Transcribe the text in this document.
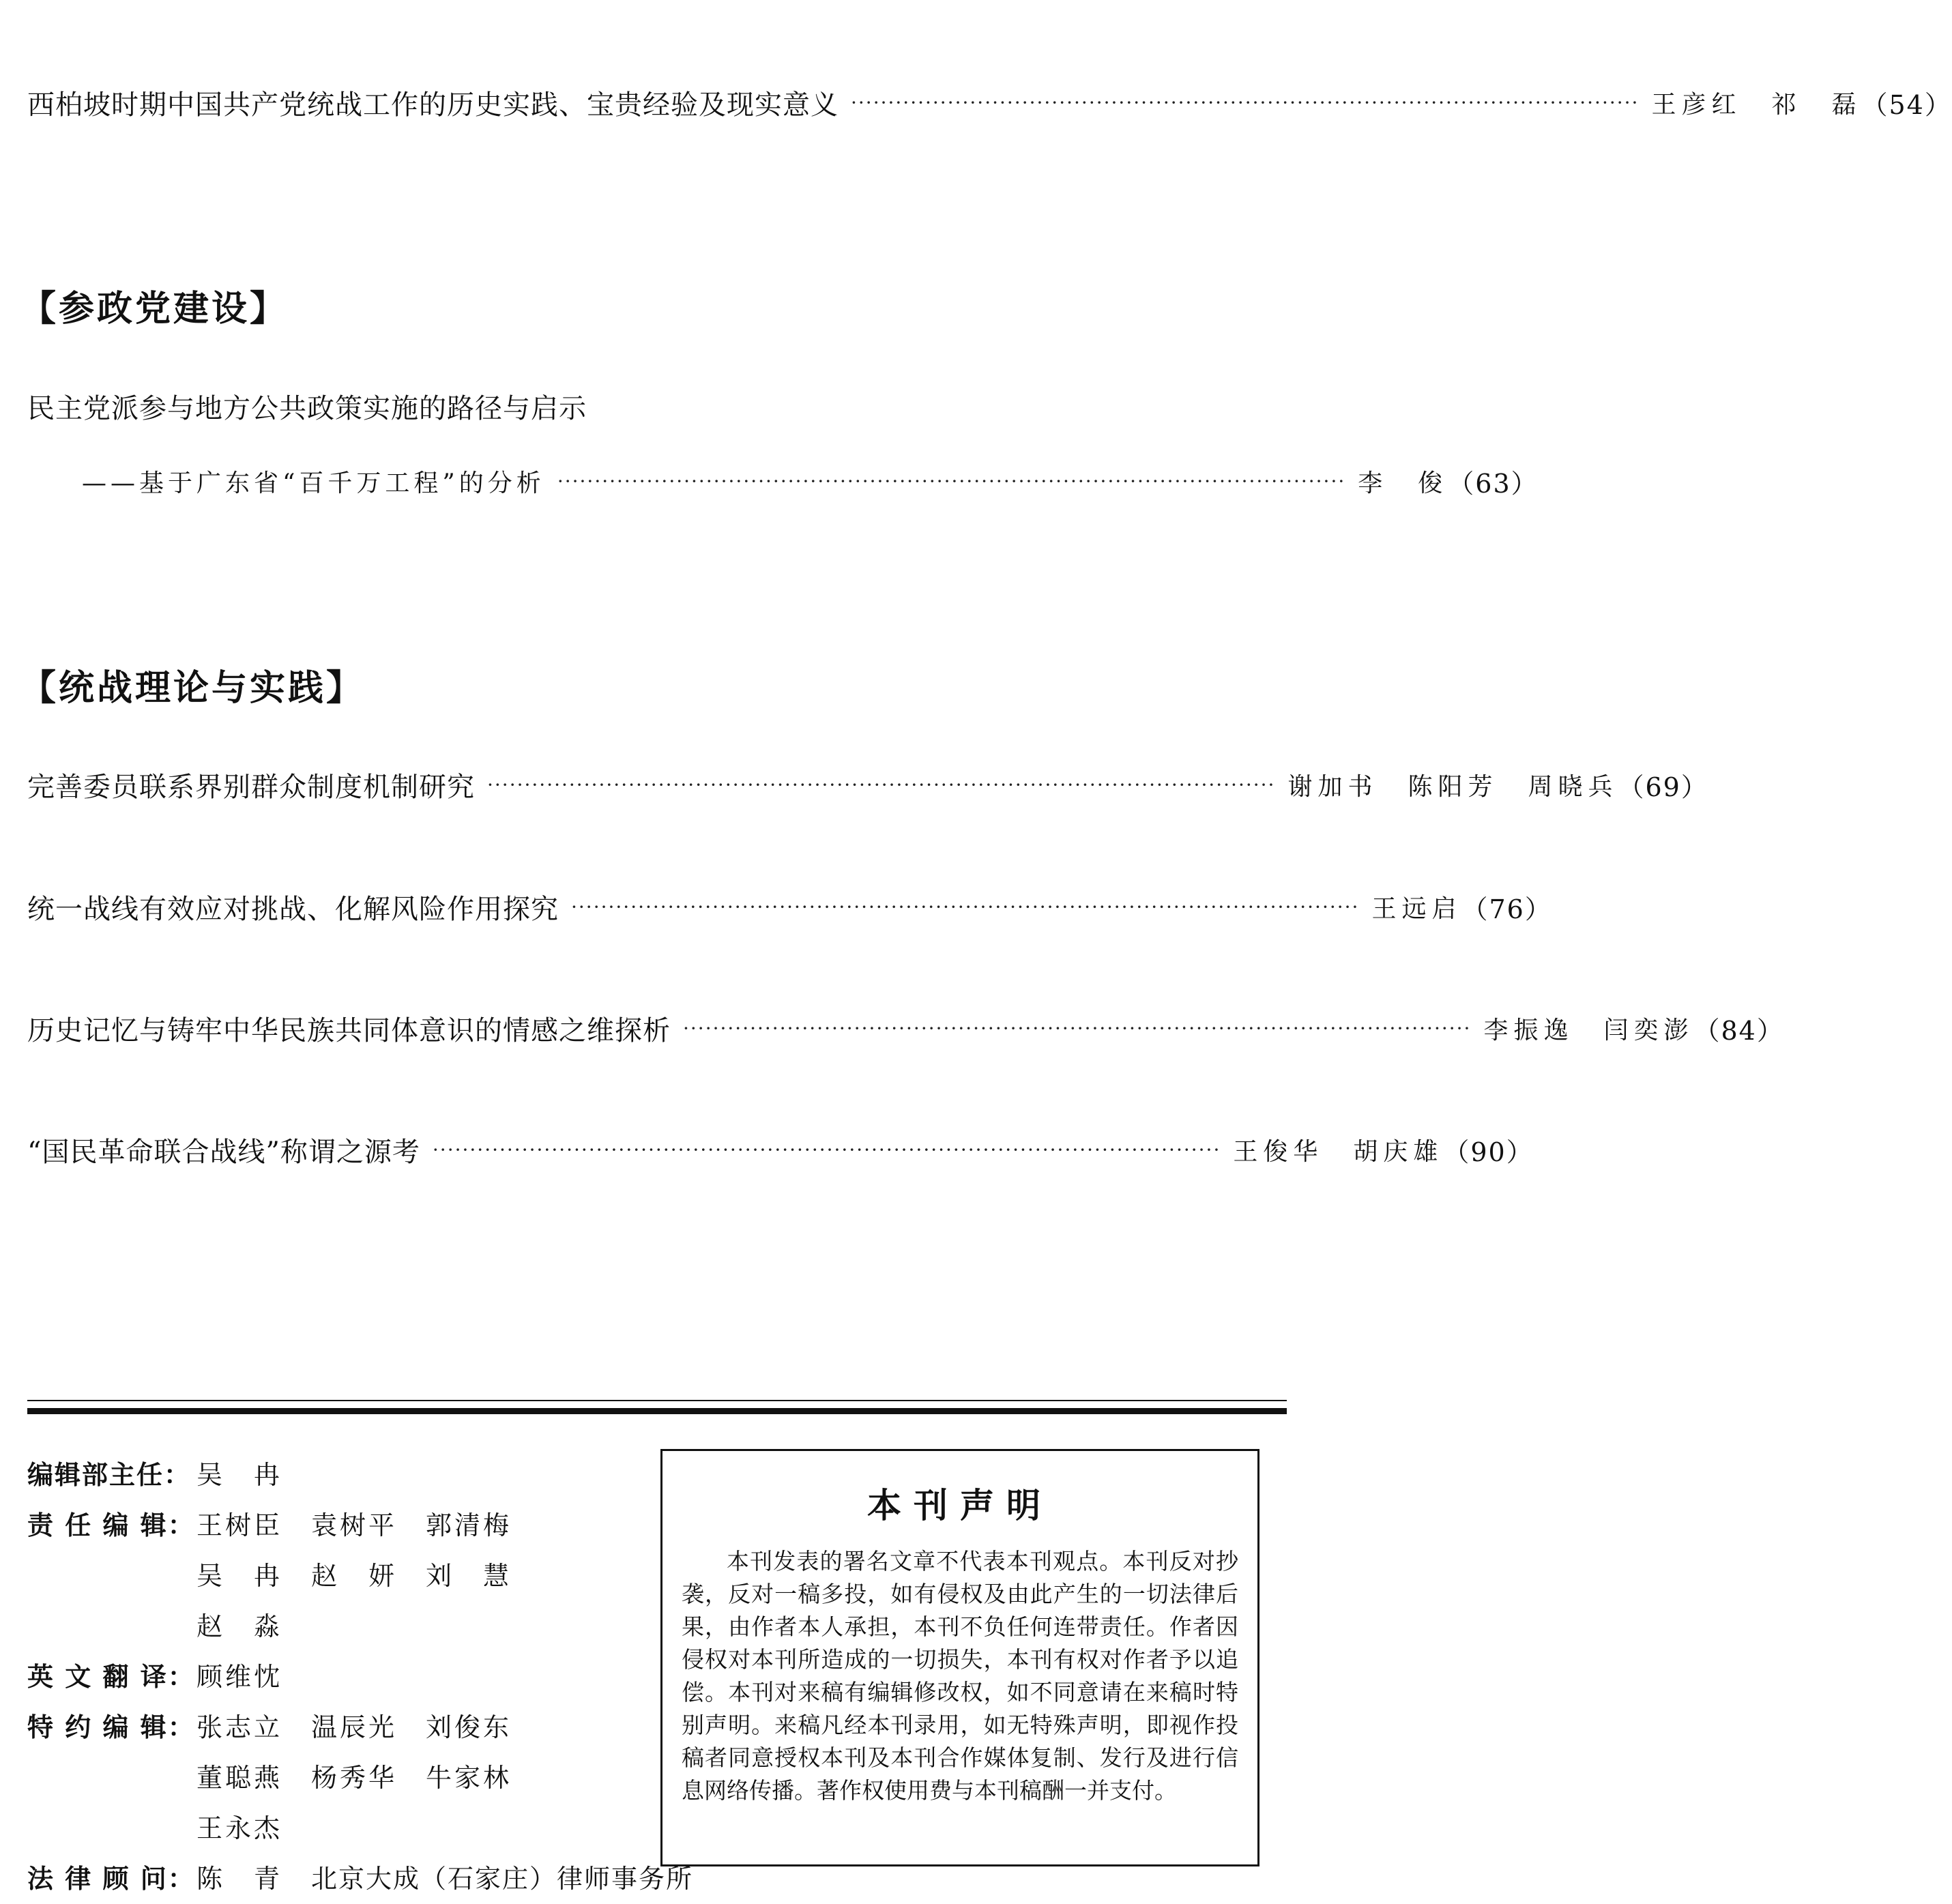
西柏坡时期中国共产党统战工作的历史实践、宝贵经验及现实意义 ·········································································································· 王彦红　祁　磊 （54）
【参政党建设】
民主党派参与地方公共政策实施的路径与启示
——基于广东省“百千万工程”的分析 ·········································································································· 李　俊 （63）
【统战理论与实践】
完善委员联系界别群众制度机制研究 ·········································································································· 谢加书　陈阳芳　周晓兵 （69）
统一战线有效应对挑战、化解风险作用探究 ·········································································································· 王远启 （76）
历史记忆与铸牢中华民族共同体意识的情感之维探析 ·········································································································· 李振逸　闫奕澎 （84）
“国民革命联合战线”称谓之源考 ·········································································································· 王俊华　胡庆雄 （90）
编辑部主任： 吴　冉
责 任 编 辑： 王树臣	袁树平	郭清梅
吴　冉	赵　妍	刘　慧
赵　淼
英 文 翻 译： 顾维忱
特 约 编 辑： 张志立	温辰光	刘俊东
董聪燕	杨秀华	牛家林
王永杰
法 律 顾 问： 陈　青	北京大成（石家庄）律师事务所
本刊声明
本刊发表的署名文章不代表本刊观点。本刊反对抄袭，反对一稿多投，如有侵权及由此产生的一切法律后果，由作者本人承担，本刊不负任何连带责任。作者因侵权对本刊所造成的一切损失，本刊有权对作者予以追偿。本刊对来稿有编辑修改权，如不同意请在来稿时特别声明。来稿凡经本刊录用，如无特殊声明，即视作投稿者同意授权本刊及本刊合作媒体复制、发行及进行信息网络传播。著作权使用费与本刊稿酬一并支付。
